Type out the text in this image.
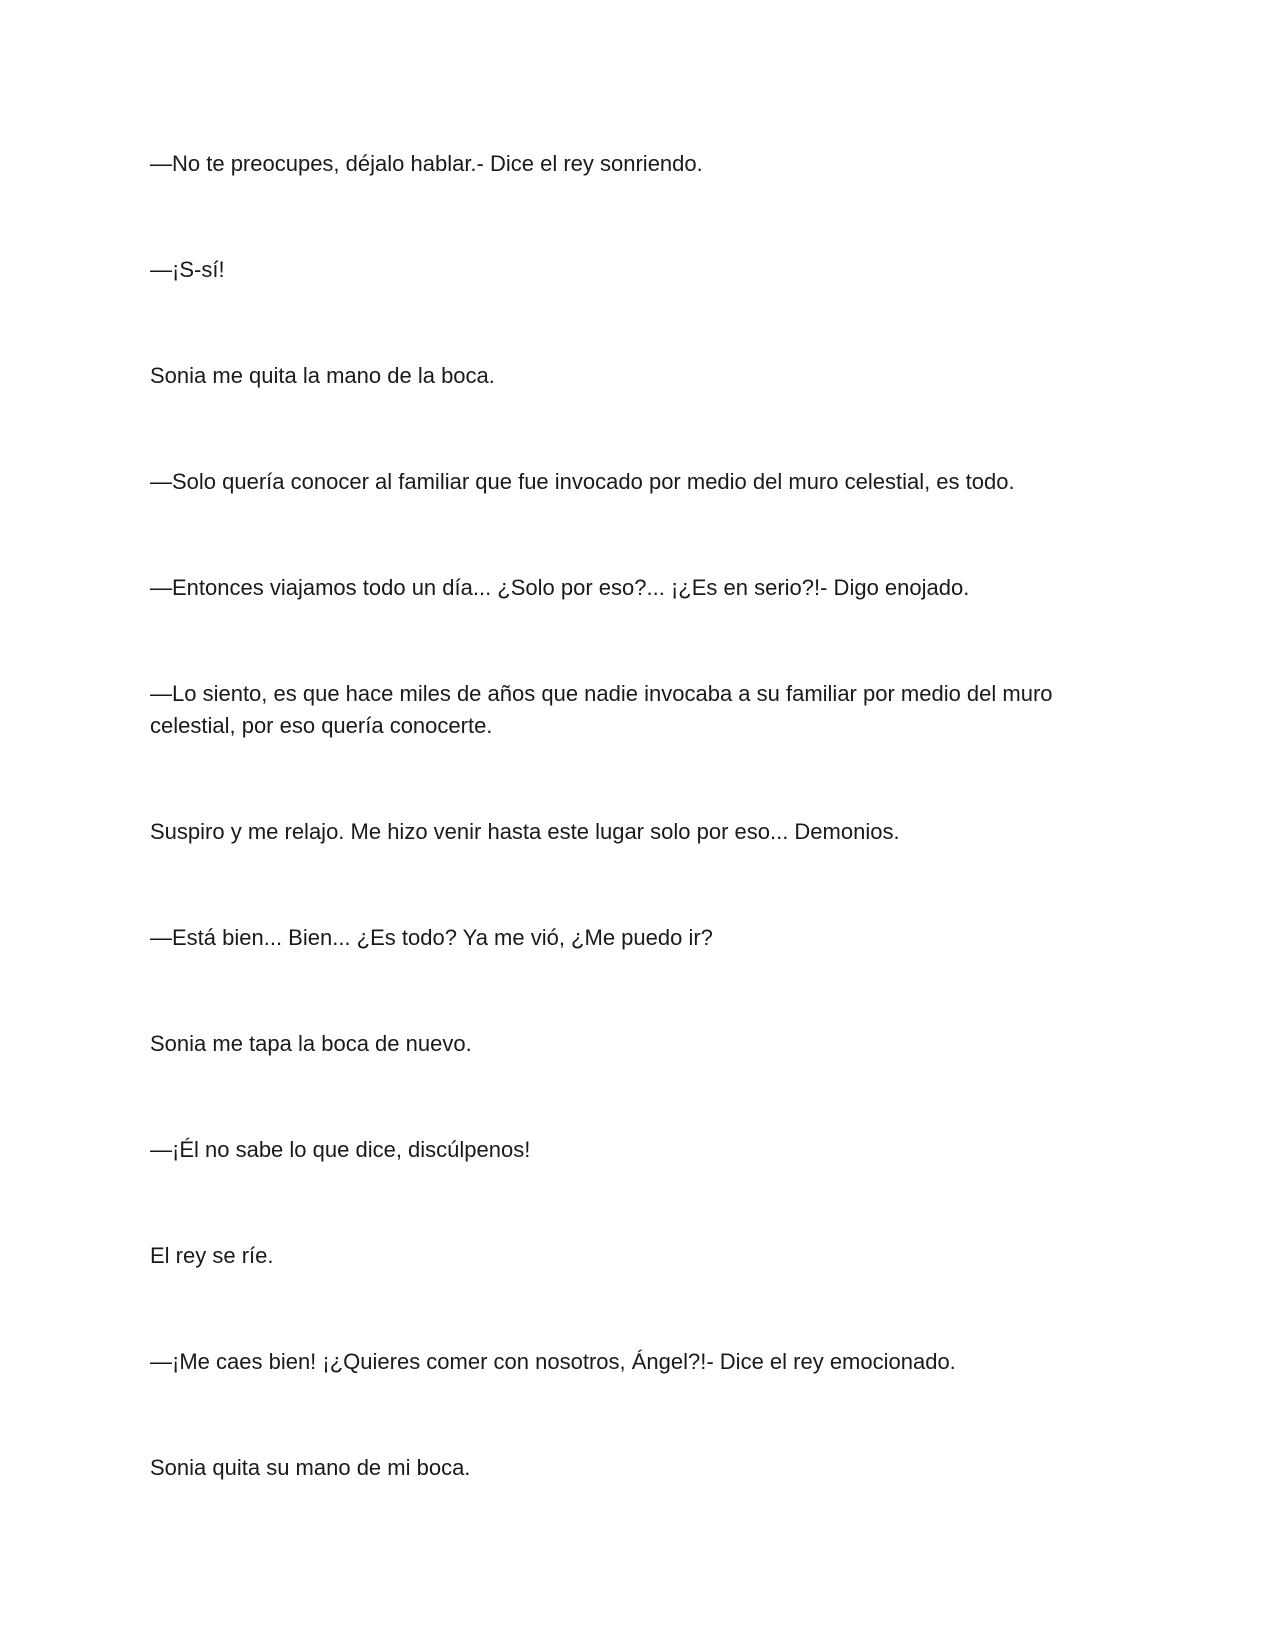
—No te preocupes, déjalo hablar.- Dice el rey sonriendo.

—¡S-sí!

Sonia me quita la mano de la boca.

—Solo quería conocer al familiar que fue invocado por medio del muro celestial, es todo.

—Entonces viajamos todo un día... ¿Solo por eso?... ¡¿Es en serio?!- Digo enojado.

—Lo siento, es que hace miles de años que nadie invocaba a su familiar por medio del muro celestial, por eso quería conocerte.

Suspiro y me relajo. Me hizo venir hasta este lugar solo por eso... Demonios.

—Está bien... Bien... ¿Es todo? Ya me vió, ¿Me puedo ir?

Sonia me tapa la boca de nuevo.

—¡Él no sabe lo que dice, discúlpenos!

El rey se ríe.

—¡Me caes bien! ¡¿Quieres comer con nosotros, Ángel?!- Dice el rey emocionado.

Sonia quita su mano de mi boca.
